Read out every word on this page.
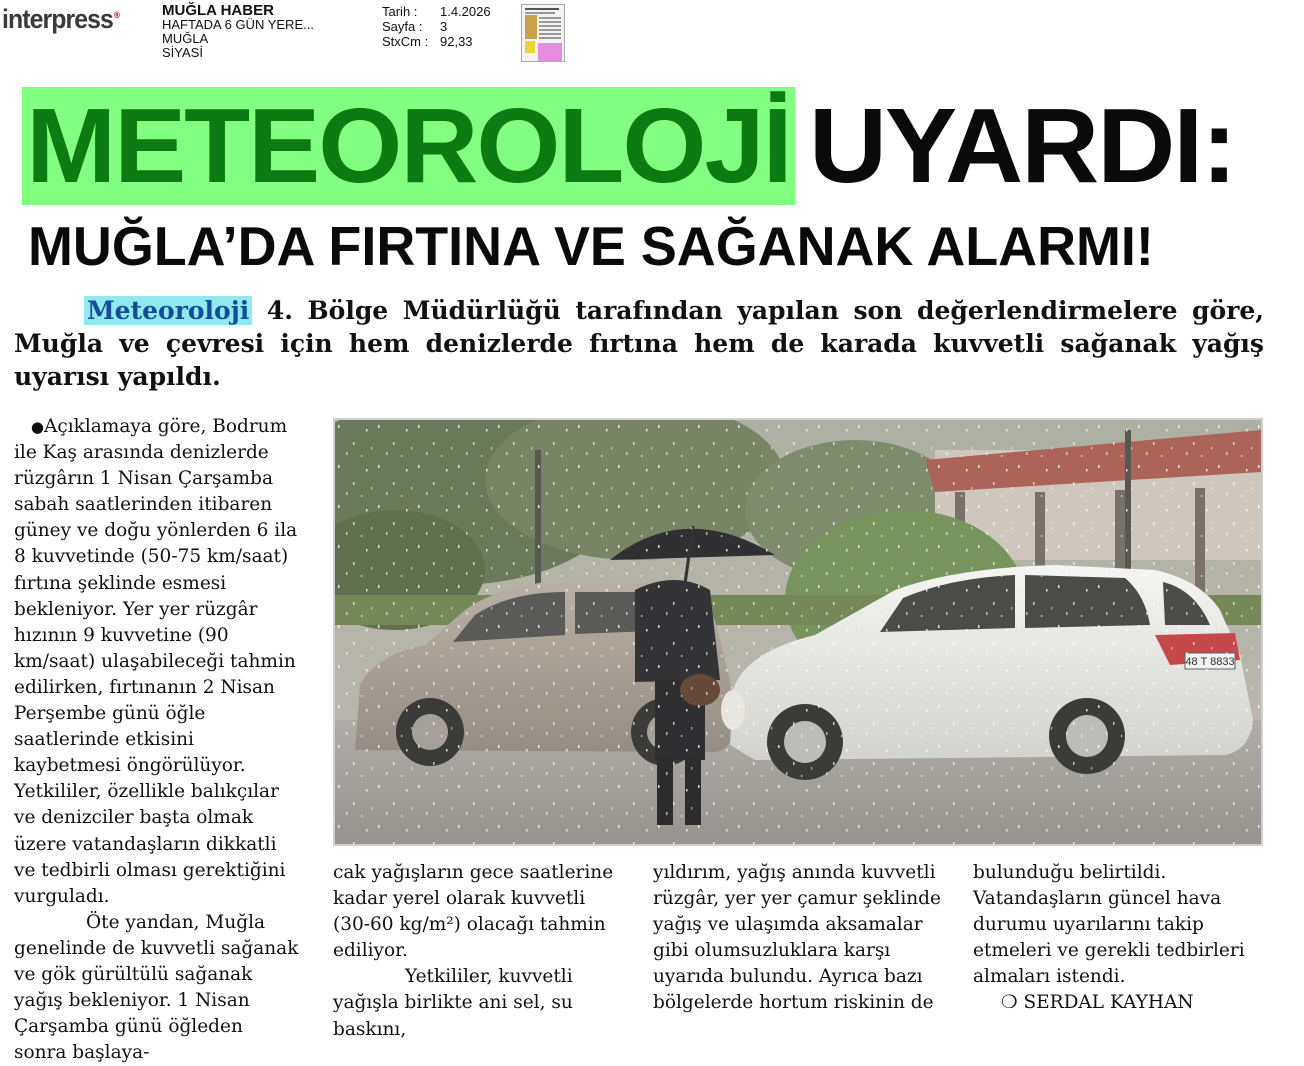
interpress®	MUĞLA HABER
HAFTADA 6 GÜN YERE...
MUĞLA
SİYASİ
Tarih :	1.4.2026
Sayfa :	3
StxCm : 92,33
METEOROLOJİ UYARDI:
MUĞLA’DA FIRTINA VE SAĞANAK ALARMI!
Meteoroloji 4. Bölge Müdürlüğü tarafından yapılan son değerlendirmelere göre, Muğla ve çevresi için hem denizlerde fırtına hem de karada kuvvetli sağanak yağış uyarısı yapıldı.

●Açıklamaya göre, Bodrum ile Kaş arasında denizlerde rüzgârın 1 Nisan Çarşamba sabah saatlerinden itibaren güney ve doğu yönlerden 6 ila 8 kuvvetinde (50-75 km/saat) fırtına şeklinde esmesi bekleniyor. Yer yer rüzgâr hızının 9 kuvvetine (90 km/saat) ulaşabileceği tahmin edilirken, fırtınanın 2 Nisan Perşembe günü öğle saatlerinde etkisini kaybetmesi öngörülüyor. Yetkililer, özellikle balıkçılar ve denizciler başta olmak üzere vatandaşların dikkatli ve tedbirli olması gerektiğini vurguladı.

Öte yandan, Muğla genelinde de kuvvetli sağanak ve gök gürültülü sağanak yağış bekleniyor. 1 Nisan Çarşamba günü öğleden sonra başlaya-

cak yağışların gece saatlerine kadar yerel olarak kuvvetli (30-60 kg/m²) olacağı tahmin ediliyor.

Yetkililer, kuvvetli yağışla birlikte ani sel, su baskını,

yıldırım, yağış anında kuvvetli rüzgâr, yer yer çamur şeklinde yağış ve ulaşımda aksamalar gibi olumsuzluklara karşı uyarıda bulundu. Ayrıca bazı bölgelerde hortum riskinin de

bulunduğu belirtildi. Vatandaşların güncel hava durumu uyarılarını takip etmeleri ve gerekli tedbirleri almaları istendi.

❍ SERDAL KAYHAN
